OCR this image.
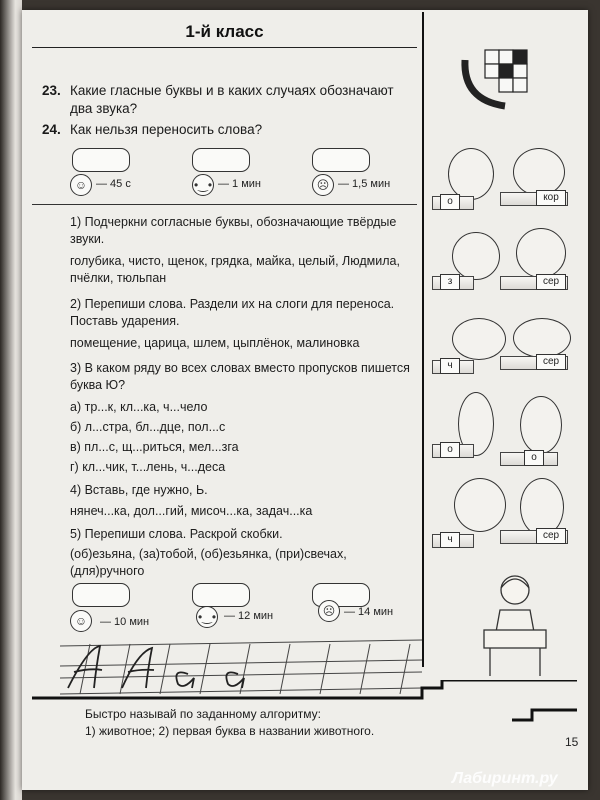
1-й класс
23. Какие гласные буквы и в каких случаях обозначают два звука?
24. Как нельзя переносить слова?
☺ — 45 с	•‿• — 1 мин	☹ — 1,5 мин
1) Подчеркни согласные буквы, обозначающие твёрдые звуки.
голубика, чисто, щенок, грядка, майка, целый, Людмила, пчёлки, тюльпан
2) Перепиши слова. Раздели их на слоги для переноса. Поставь ударения.
помещение, царица, шлем, цыплёнок, малиновка
3) В каком ряду во всех словах вместо пропусков пишется буква Ю?
а) тр...к, кл...ка, ч...чело
б) л...стра, бл...дце, пол...с
в) пл...с, щ...риться, мел...зга
г) кл...чик, т...лень, ч...деса
4) Вставь, где нужно, Ь.
нянеч...ка, дол...гий, мисоч...ка, задач...ка
5) Перепиши слова. Раскрой скобки.
(об)езьяна, (за)тобой, (об)езьянка, (при)свечах, (для)ручного
☺	— 10 мин	•‿• — 12 мин	☹ — 14 мин
Быстро называй по заданному алгоритму:
1) животное; 2) первая буква в названии животного.
15
о	кор
з	сер
ч	сер
о
о
ч	сер
Лабиринт.ру
